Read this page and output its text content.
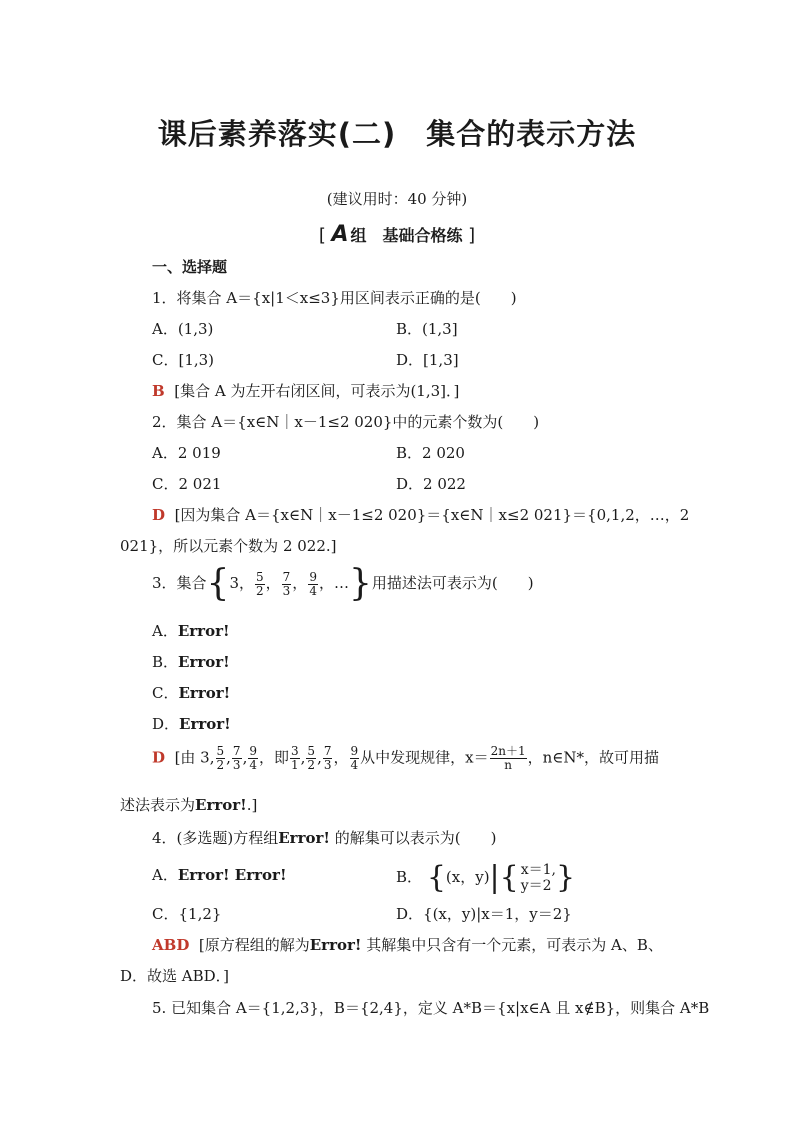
课后素养落实(二)　集合的表示方法
(建议用时：40 分钟)
[ A 组　基础合格练 ]
一、选择题
1．将集合 A＝{x|1＜x≤3}用区间表示正确的是(　　)
A．(1,3)	B．(1,3]
C．[1,3)	D．[1,3]
B [集合 A 为左开右闭区间，可表示为(1,3]．]
2．集合 A＝{x∈N｜x－1≤2 020}中的元素个数为(　　)
A．2 019	B．2 020
C．2 021	D．2 022
D [因为集合 A＝{x∈N｜x－1≤2 020}＝{x∈N｜x≤2 021}＝{0,1,2，…，2
021}，所以元素个数为 2 022.]
3．集合{3， $\frac{5}{2}$ ， $\frac{7}{3}$ ， $\frac{9}{4}$ ，…}用描述法可表示为(　　)
A．Error!
B．Error!
C．Error!
D．Error!
D [由 3, $\frac{5}{2}$ , $\frac{7}{3}$ , $\frac{9}{4}$ ，即 $\frac{3}{1}$ , $\frac{5}{2}$ , $\frac{7}{3}$ ， $\frac{9}{4}$ 从中发现规律，$x= \frac{2n+1}{n}$ ，n∈N*，故可用描
述法表示为Error!.]
4．(多选题)方程组Error! 的解集可以表示为(　　)
A．Error! Error!	B． {(x，y)|{ x＝1,
y＝2 }
C．{1,2}	D．{(x，y)|x＝1，y＝2}
ABD [原方程组的解为Error! 其解集中只含有一个元素，可表示为 A、B、
D．故选 ABD．]
5. 已知集合 A＝{1,2,3}，B＝{2,4}，定义 A*B＝{x|x∈A 且 x∉B}，则集合 A*B
